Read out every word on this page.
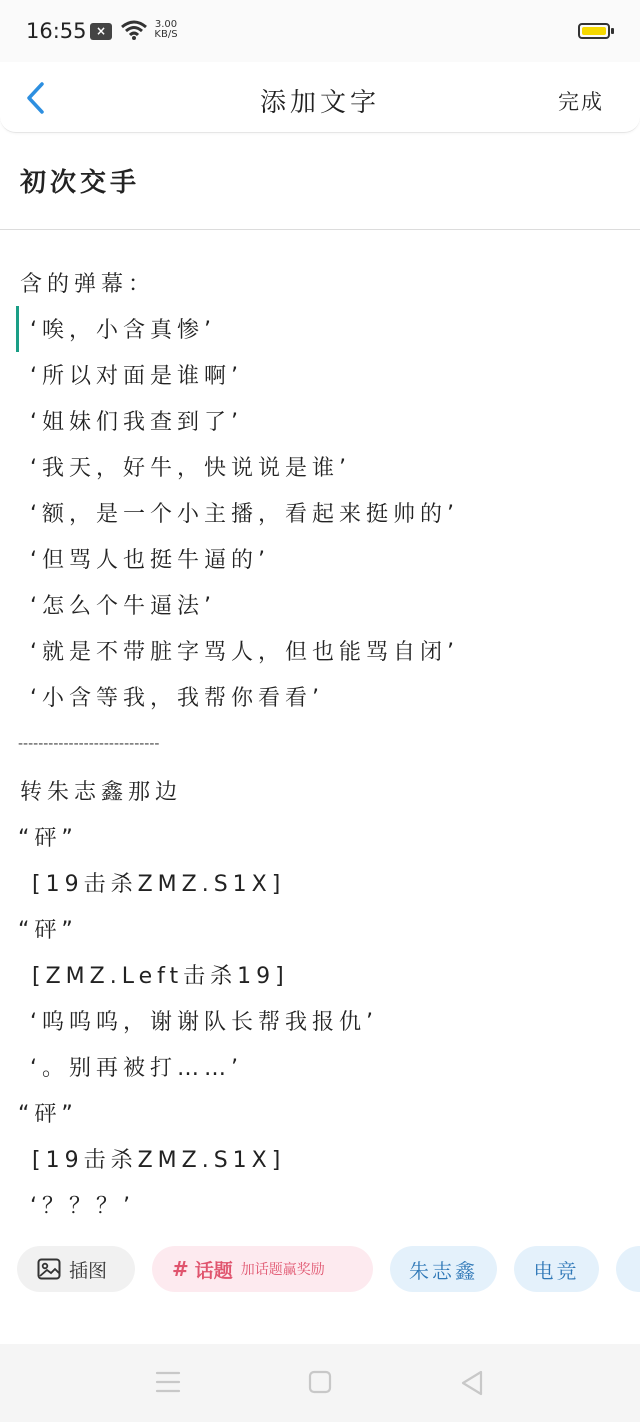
16:55 ×	3.00
KB/S
添加文字	完成
初次交手
含的弹幕：
‘唉，小含真惨’
‘所以对面是谁啊’
‘姐妹们我查到了’
‘我天，好牛，快说说是谁’
‘额，是一个小主播，看起来挺帅的’
‘但骂人也挺牛逼的’
‘怎么个牛逼法’
‘就是不带脏字骂人，但也能骂自闭’
‘小含等我，我帮你看看’
----------------------------
转朱志鑫那边
“砰”
[19击杀ZMZ.S1X]
“砰”
[ZMZ.Left击杀19]
‘呜呜呜，谢谢队长帮我报仇’
‘。别再被打……’
“砰”
[19击杀ZMZ.S1X]
‘？？？’
插图	# 话题 加话题赢奖励	朱志鑫	电竞
